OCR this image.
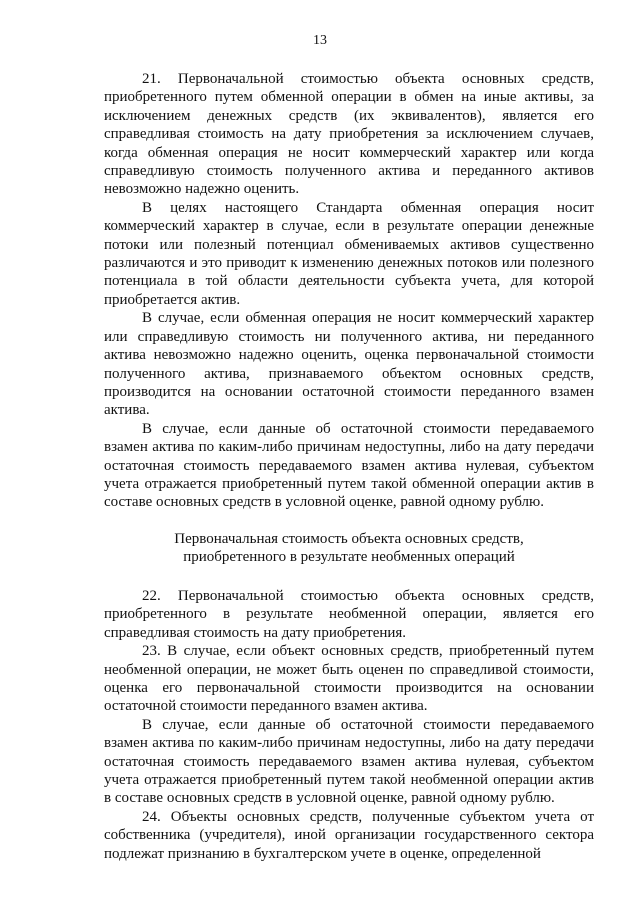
13

21. Первоначальной стоимостью объекта основных средств, приобретенного путем обменной операции в обмен на иные активы, за исключением денежных средств (их эквивалентов), является его справедливая стоимость на дату приобретения за исключением случаев, когда обменная операция не носит коммерческий характер или когда справедливую стоимость полученного актива и переданного активов невозможно надежно оценить.

В целях настоящего Стандарта обменная операция носит коммерческий характер в случае, если в результате операции денежные потоки или полезный потенциал обмениваемых активов существенно различаются и это приводит к изменению денежных потоков или полезного потенциала в той области деятельности субъекта учета, для которой приобретается актив.

В случае, если обменная операция не носит коммерческий характер или справедливую стоимость ни полученного актива, ни переданного актива невозможно надежно оценить, оценка первоначальной стоимости полученного актива, признаваемого объектом основных средств, производится на основании остаточной стоимости переданного взамен актива.

В случае, если данные об остаточной стоимости передаваемого взамен актива по каким-либо причинам недоступны, либо на дату передачи остаточная стоимость передаваемого взамен актива нулевая, субъектом учета отражается приобретенный путем такой обменной операции актив в составе основных средств в условной оценке, равной одному рублю.

Первоначальная стоимость объекта основных средств,
приобретенного в результате необменных операций

22. Первоначальной стоимостью объекта основных средств, приобретенного в результате необменной операции, является его справедливая стоимость на дату приобретения.

23. В случае, если объект основных средств, приобретенный путем необменной операции, не может быть оценен по справедливой стоимости, оценка его первоначальной стоимости производится на основании остаточной стоимости переданного взамен актива.

В случае, если данные об остаточной стоимости передаваемого взамен актива по каким-либо причинам недоступны, либо на дату передачи остаточная стоимость передаваемого взамен актива нулевая, субъектом учета отражается приобретенный путем такой необменной операции актив в составе основных средств в условной оценке, равной одному рублю.

24. Объекты основных средств, полученные субъектом учета от собственника (учредителя), иной организации государственного сектора подлежат признанию в бухгалтерском учете в оценке, определенной
